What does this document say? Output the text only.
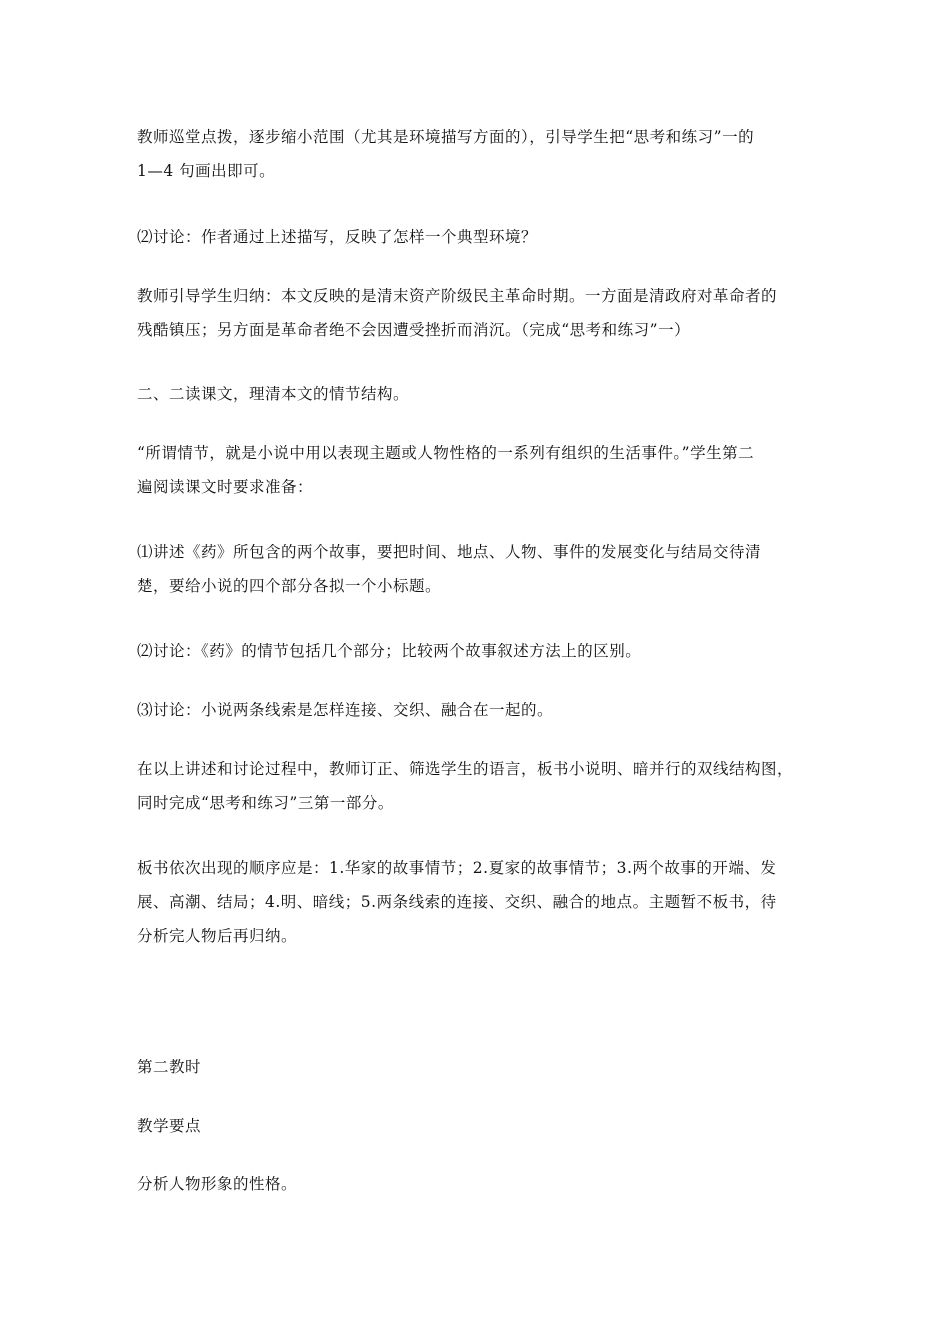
教师巡堂点拨，逐步缩小范围（尤其是环境描写方面的），引导学生把“思考和练习”一的
1—4 句画出即可。

⑵讨论：作者通过上述描写，反映了怎样一个典型环境？

教师引导学生归纳：本文反映的是清末资产阶级民主革命时期。一方面是清政府对革命者的
残酷镇压；另方面是革命者绝不会因遭受挫折而消沉。（完成“思考和练习”一）

二、二读课文，理清本文的情节结构。

“所谓情节，就是小说中用以表现主题或人物性格的一系列有组织的生活事件。”学生第二
遍阅读课文时要求准备：

⑴讲述《药》所包含的两个故事，要把时间、地点、人物、事件的发展变化与结局交待清
楚，要给小说的四个部分各拟一个小标题。

⑵讨论：《药》的情节包括几个部分；比较两个故事叙述方法上的区别。

⑶讨论：小说两条线索是怎样连接、交织、融合在一起的。

在以上讲述和讨论过程中，教师订正、筛选学生的语言，板书小说明、暗并行的双线结构图，
同时完成“思考和练习”三第一部分。

板书依次出现的顺序应是：1.华家的故事情节；2.夏家的故事情节；3.两个故事的开端、发
展、高潮、结局；4.明、暗线；5.两条线索的连接、交织、融合的地点。主题暂不板书，待
分析完人物后再归纳。

第二教时

教学要点

分析人物形象的性格。
